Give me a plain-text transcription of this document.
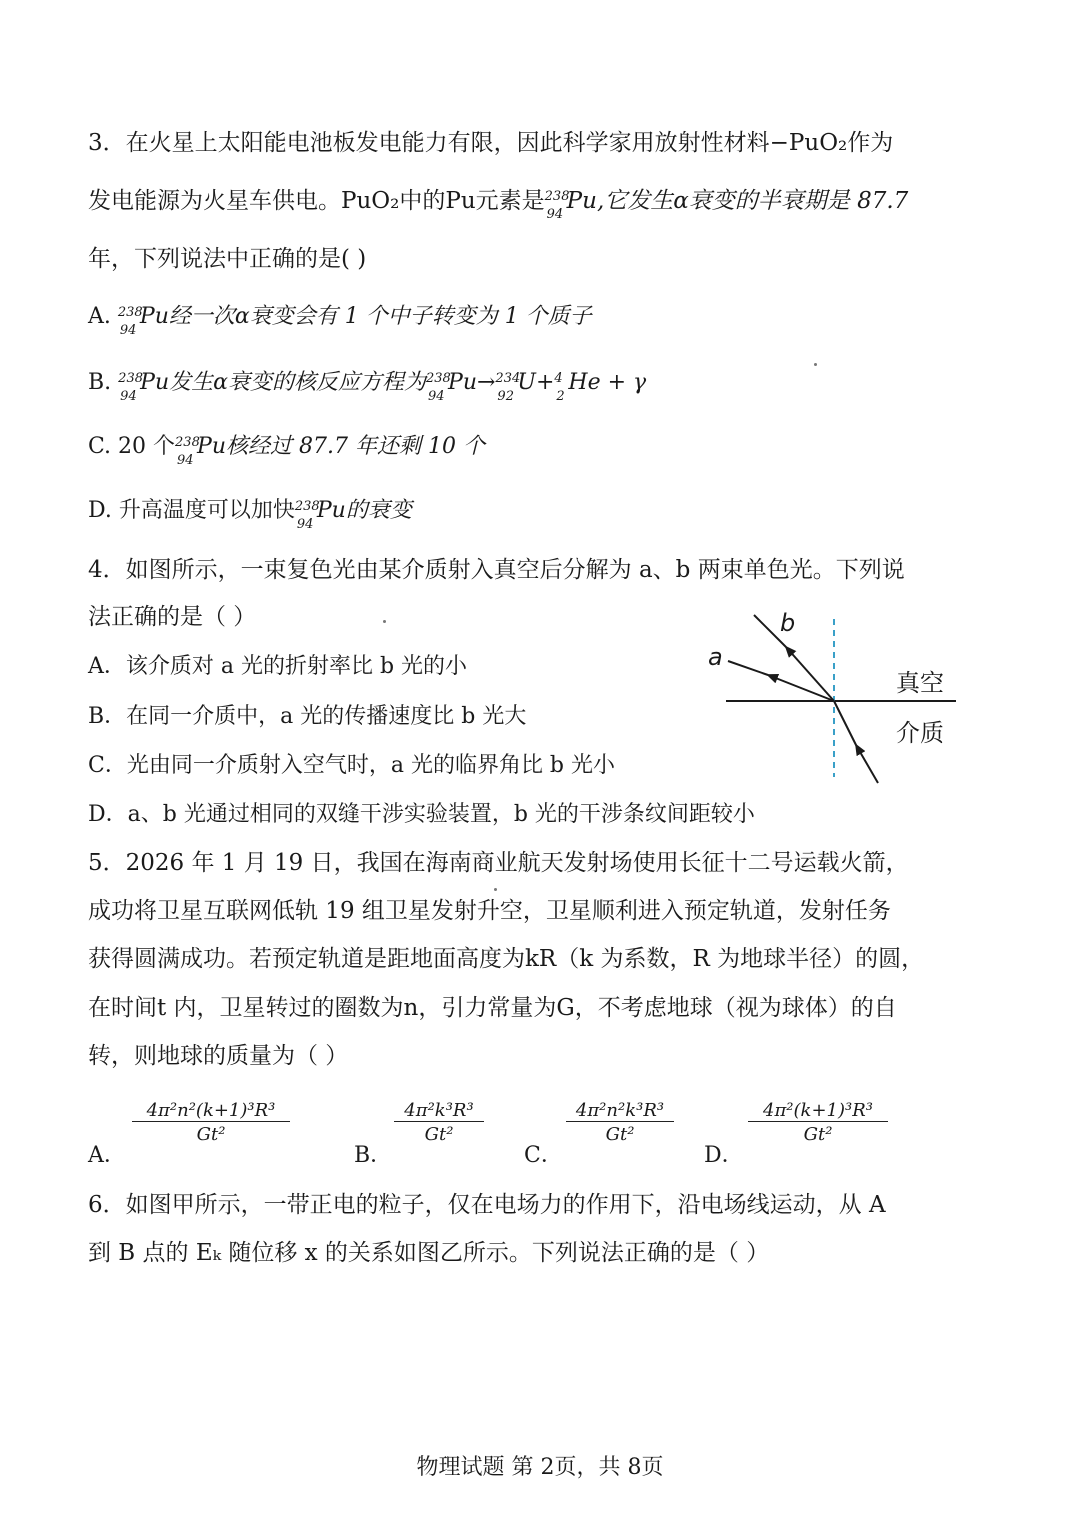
3．在火星上太阳能电池板发电能力有限，因此科学家用放射性材料−PuO₂作为
发电能源为火星车供电。PuO₂中的Pu元素是 238
94
Pu,它发生α衰变的半衰期是 87.7
年，下列说法中正确的是( )
A. 238
94
Pu经一次α衰变会有 1 个中子转变为 1 个质子
B. 238
94
Pu发生α衰变的核反应方程为 238
94
Pu→ 234
92
U+ 4
2
He + γ
C. 20 个 238
94
Pu核经过 87.7 年还剩 10 个
D. 升高温度可以加快 238
94
Pu的衰变
4．如图所示，一束复色光由某介质射入真空后分解为 a、b 两束单色光。下列说
法正确的是（ ）
A．该介质对 a 光的折射率比 b 光的小
B．在同一介质中，a 光的传播速度比 b 光大
C．光由同一介质射入空气时，a 光的临界角比 b 光小
D．a、b 光通过相同的双缝干涉实验装置，b 光的干涉条纹间距较小
b
a
真空
介质
5．2026 年 1 月 19 日，我国在海南商业航天发射场使用长征十二号运载火箭，
成功将卫星互联网低轨 19 组卫星发射升空，卫星顺利进入预定轨道，发射任务
获得圆满成功。若预定轨道是距地面高度为kR（k 为系数，R 为地球半径）的圆，
在时间t 内，卫星转过的圈数为n，引力常量为G，不考虑地球（视为球体）的自
转，则地球的质量为（ ）
A．
$\frac{\text{4π²n²(k+1)³R³}}{\text{Gt²}}$
B．
$\frac{\text{4π²k³R³}}{\text{Gt²}}$
C．
$\frac{\text{4π²n²k³R³}}{\text{Gt²}}$
D．
$\frac{\text{4π²(k+1)³R³}}{\text{Gt²}}$
6．如图甲所示，一带正电的粒子，仅在电场力的作用下，沿电场线运动，从 A
到 B 点的 Eₖ 随位移 x 的关系如图乙所示。下列说法正确的是（ ）
物理试题 第 2页，共 8页
